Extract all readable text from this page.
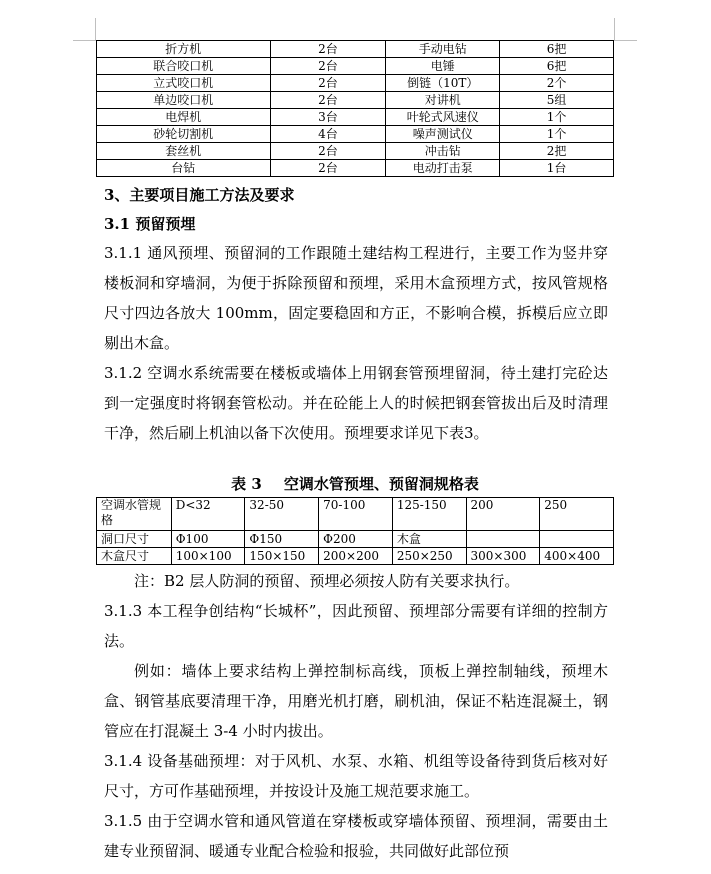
折方机	2台	手动电钻	6把
联合咬口机	2台	电锤	6把
立式咬口机	2台	倒链（10T）	2个
单边咬口机	2台	对讲机	5组
电焊机	3台	叶轮式风速仪	1个
砂轮切割机	4台	噪声测试仪	1个
套丝机	2台	冲击钻	2把
台钻	2台	电动打击泵	1台
3、主要项目施工方法及要求
3.1 预留预埋
3.1.1 通风预埋、预留洞的工作跟随土建结构工程进行，主要工作为竖井穿楼板洞和穿墙洞，为便于拆除预留和预埋，采用木盒预埋方式，按风管规格尺寸四边各放大 100mm，固定要稳固和方正，不影响合模，拆模后应立即剔出木盒。
3.1.2 空调水系统需要在楼板或墙体上用钢套管预埋留洞，待土建打完砼达到一定强度时将钢套管松动。并在砼能上人的时候把钢套管拔出后及时清理干净，然后刷上机油以备下次使用。预埋要求详见下表3。
表 3 空调水管预埋、预留洞规格表
空调水管规格	D<32	32-50	70-100	125-150	200	250
洞口尺寸	Φ100	Φ150	Φ200	木盒		
木盒尺寸	100×100	150×150	200×200	250×250	300×300	400×400
注：B2 层人防洞的预留、预埋必须按人防有关要求执行。
3.1.3 本工程争创结构“长城杯”，因此预留、预埋部分需要有详细的控制方法。
例如：墙体上要求结构上弹控制标高线，顶板上弹控制轴线，预埋木盒、钢管基底要清理干净，用磨光机打磨，刷机油，保证不粘连混凝土，钢管应在打混凝土 3-4 小时内拔出。
3.1.4 设备基础预埋：对于风机、水泵、水箱、机组等设备待到货后核对好尺寸，方可作基础预埋，并按设计及施工规范要求施工。
3.1.5 由于空调水管和通风管道在穿楼板或穿墙体预留、预埋洞，需要由土建专业预留洞、暖通专业配合检验和报验，共同做好此部位预
